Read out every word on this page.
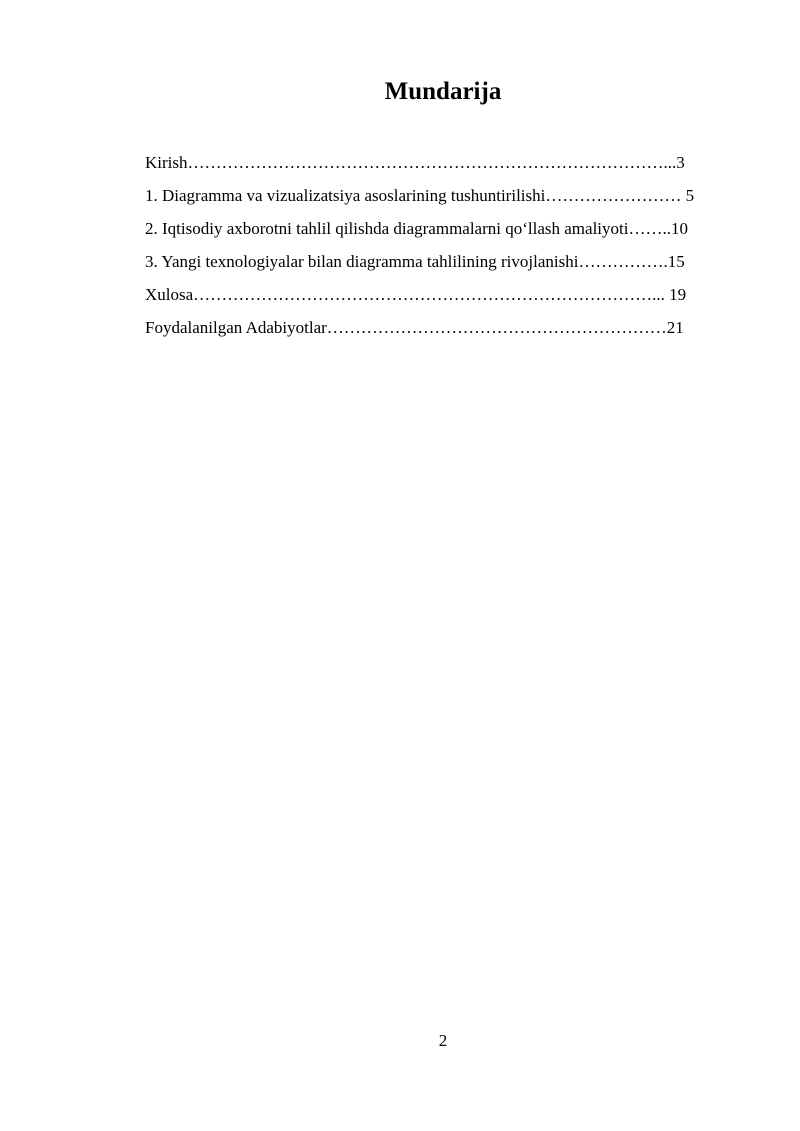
Mundarija

Kirish…………………………………………………………………………...3

1. Diagramma va vizualizatsiya asoslarining tushuntirilishi…………………… 5

2. Iqtisodiy axborotni tahlil qilishda diagrammalarni qo‘llash amaliyoti……..10

3. Yangi texnologiyalar bilan diagramma tahlilining rivojlanishi…………….15

Xulosa………………………………………………………………………... 19

Foydalanilgan Adabiyotlar……………………………………………………21

2
